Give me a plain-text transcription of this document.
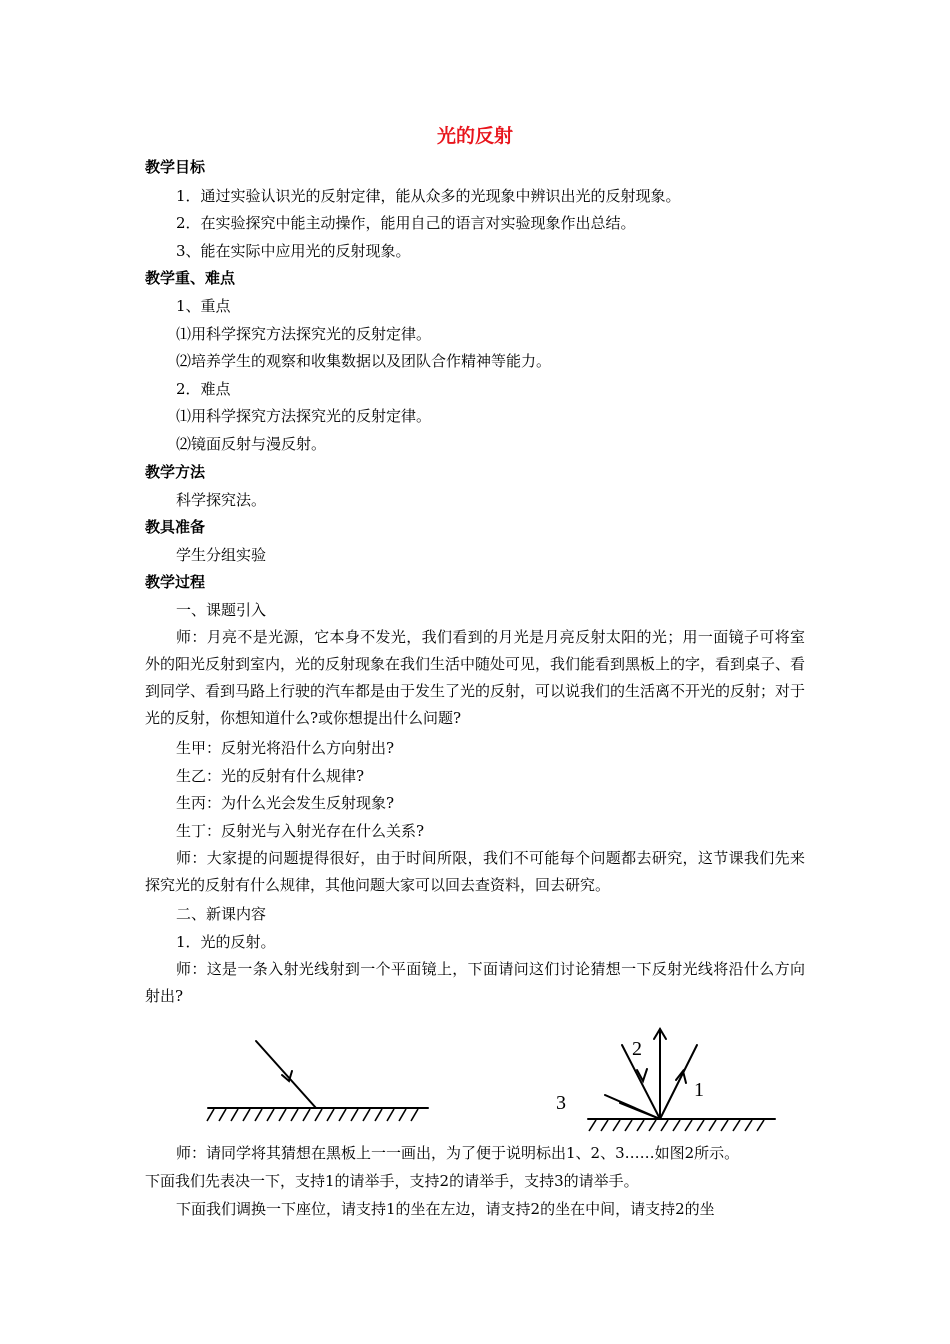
光的反射
教学目标
1．通过实验认识光的反射定律，能从众多的光现象中辨识出光的反射现象。
2．在实验探究中能主动操作，能用自己的语言对实验现象作出总结。
3、能在实际中应用光的反射现象。
教学重、难点
1、重点
⑴用科学探究方法探究光的反射定律。
⑵培养学生的观察和收集数据以及团队合作精神等能力。
2．难点
⑴用科学探究方法探究光的反射定律。
⑵镜面反射与漫反射。
教学方法
科学探究法。
教具准备
学生分组实验
教学过程
一、课题引入
师：月亮不是光源，它本身不发光，我们看到的月光是月亮反射太阳的光；用一面镜子可将室外的阳光反射到室内，光的反射现象在我们生活中随处可见，我们能看到黑板上的字，看到桌子、看到同学、看到马路上行驶的汽车都是由于发生了光的反射，可以说我们的生活离不开光的反射；对于光的反射，你想知道什么?或你想提出什么问题?
生甲：反射光将沿什么方向射出?
生乙：光的反射有什么规律?
生丙：为什么光会发生反射现象?
生丁：反射光与入射光存在什么关系?
师：大家提的问题提得很好，由于时间所限，我们不可能每个问题都去研究，这节课我们先来探究光的反射有什么规律，其他问题大家可以回去查资料，回去研究。
二、新课内容
1．光的反射。
师：这是一条入射光线射到一个平面镜上，下面请问这们讨论猜想一下反射光线将沿什么方向射出?
2
1
3
师：请同学将其猜想在黑板上一一画出，为了便于说明标出1、2、3……如图2所示。
下面我们先表决一下，支持1的请举手，支持2的请举手，支持3的请举手。
下面我们调换一下座位，请支持1的坐在左边，请支持2的坐在中间，请支持2的坐
